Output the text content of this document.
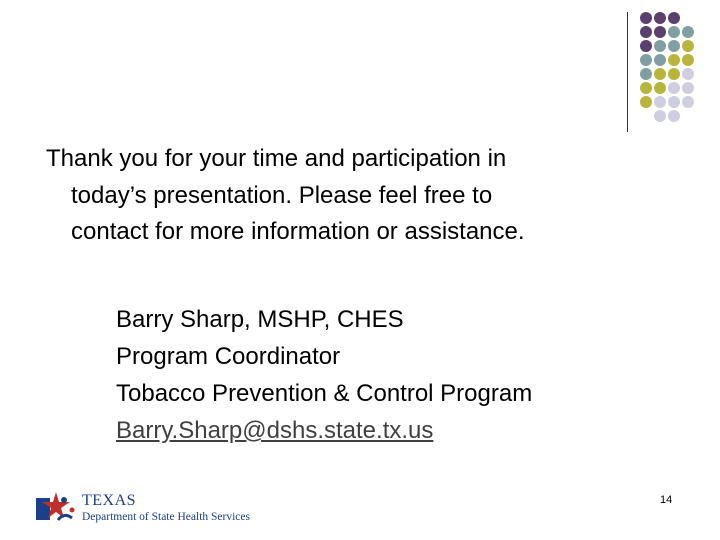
Thank you for your time and participation in
today’s presentation. Please feel free to
contact for more information or assistance.
Barry Sharp, MSHP, CHES
Program Coordinator
Tobacco Prevention & Control Program
Barry.Sharp@dshs.state.tx.us
14
TEXAS
Department of State Health Services
